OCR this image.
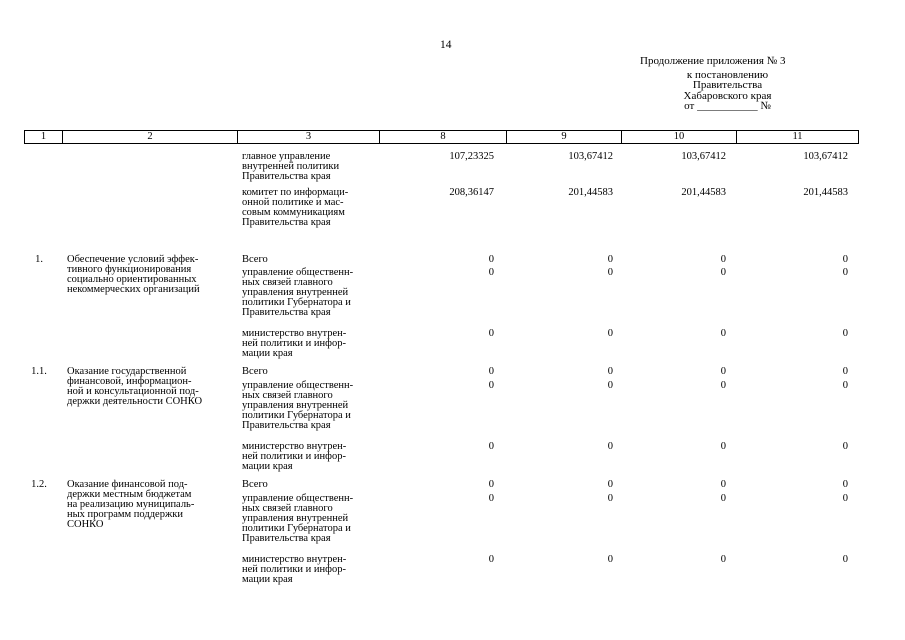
14
Продолжение приложения № 3
к постановлению
Правительства
Хабаровского края
от ___________ №
1	2	3	8	9	10	11
главное управление
внутренней политики
Правительства края
107,23325	103,67412	103,67412	103,67412
комитет по информаци-
онной политике и мас-
совым коммуникациям
Правительства края
208,36147	201,44583	201,44583	201,44583
1.	Обеспечение условий эффек-
тивного функционирования
социально ориентированных
некоммерческих организаций
Всего	0	0	0	0
управление общественн-
ных связей главного
управления внутренней
политики Губернатора и
Правительства края
0	0	0	0
министерство внутрен-
ней политики и инфор-
мации края
0	0	0	0
1.1.	Оказание государственной
финансовой, информацион-
ной и консультационной под-
держки деятельности СОНКО
Всего	0	0	0	0
управление общественн-
ных связей главного
управления внутренней
политики Губернатора и
Правительства края
0	0	0	0
министерство внутрен-
ней политики и инфор-
мации края
0	0	0	0
1.2.	Оказание финансовой под-
держки местным бюджетам
на реализацию муниципаль-
ных программ поддержки
СОНКО
Всего	0	0	0	0
управление общественн-
ных связей главного
управления внутренней
политики Губернатора и
Правительства края
0	0	0	0
министерство внутрен-
ней политики и инфор-
мации края
0	0	0	0
